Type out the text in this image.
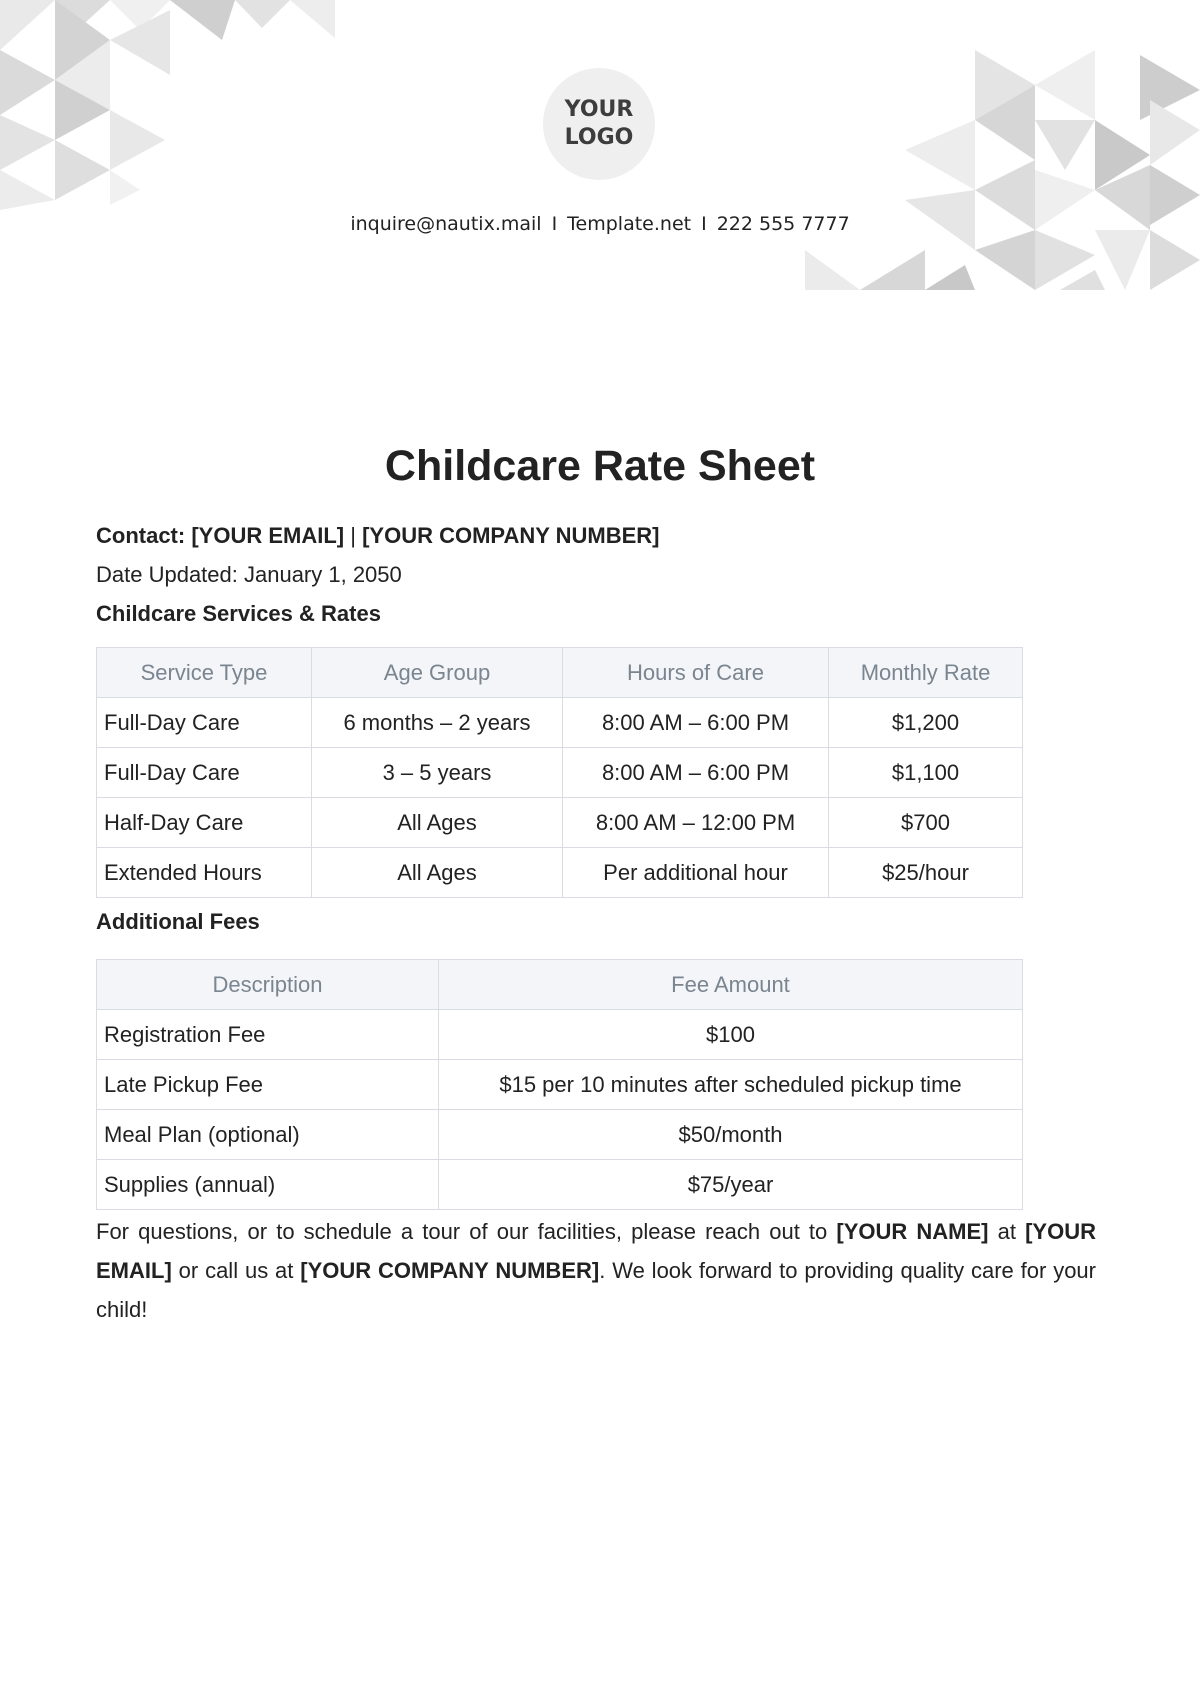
YOUR
LOGO
inquire@nautix.mail I Template.net I 222 555 7777
Childcare Rate Sheet
Contact: [YOUR EMAIL] | [YOUR COMPANY NUMBER]
Date Updated: January 1, 2050
Childcare Services & Rates
Service Type	Age Group	Hours of Care	Monthly Rate
Full-Day Care	6 months – 2 years	8:00 AM – 6:00 PM	$1,200
Full-Day Care	3 – 5 years	8:00 AM – 6:00 PM	$1,100
Half-Day Care	All Ages	8:00 AM – 12:00 PM	$700
Extended Hours	All Ages	Per additional hour	$25/hour
Additional Fees
Description	Fee Amount
Registration Fee	$100
Late Pickup Fee	$15 per 10 minutes after scheduled pickup time
Meal Plan (optional)	$50/month
Supplies (annual)	$75/year

For questions, or to schedule a tour of our facilities, please reach out to [YOUR NAME] at [YOUR EMAIL] or call us at [YOUR COMPANY NUMBER]. We look forward to providing quality care for your child!
